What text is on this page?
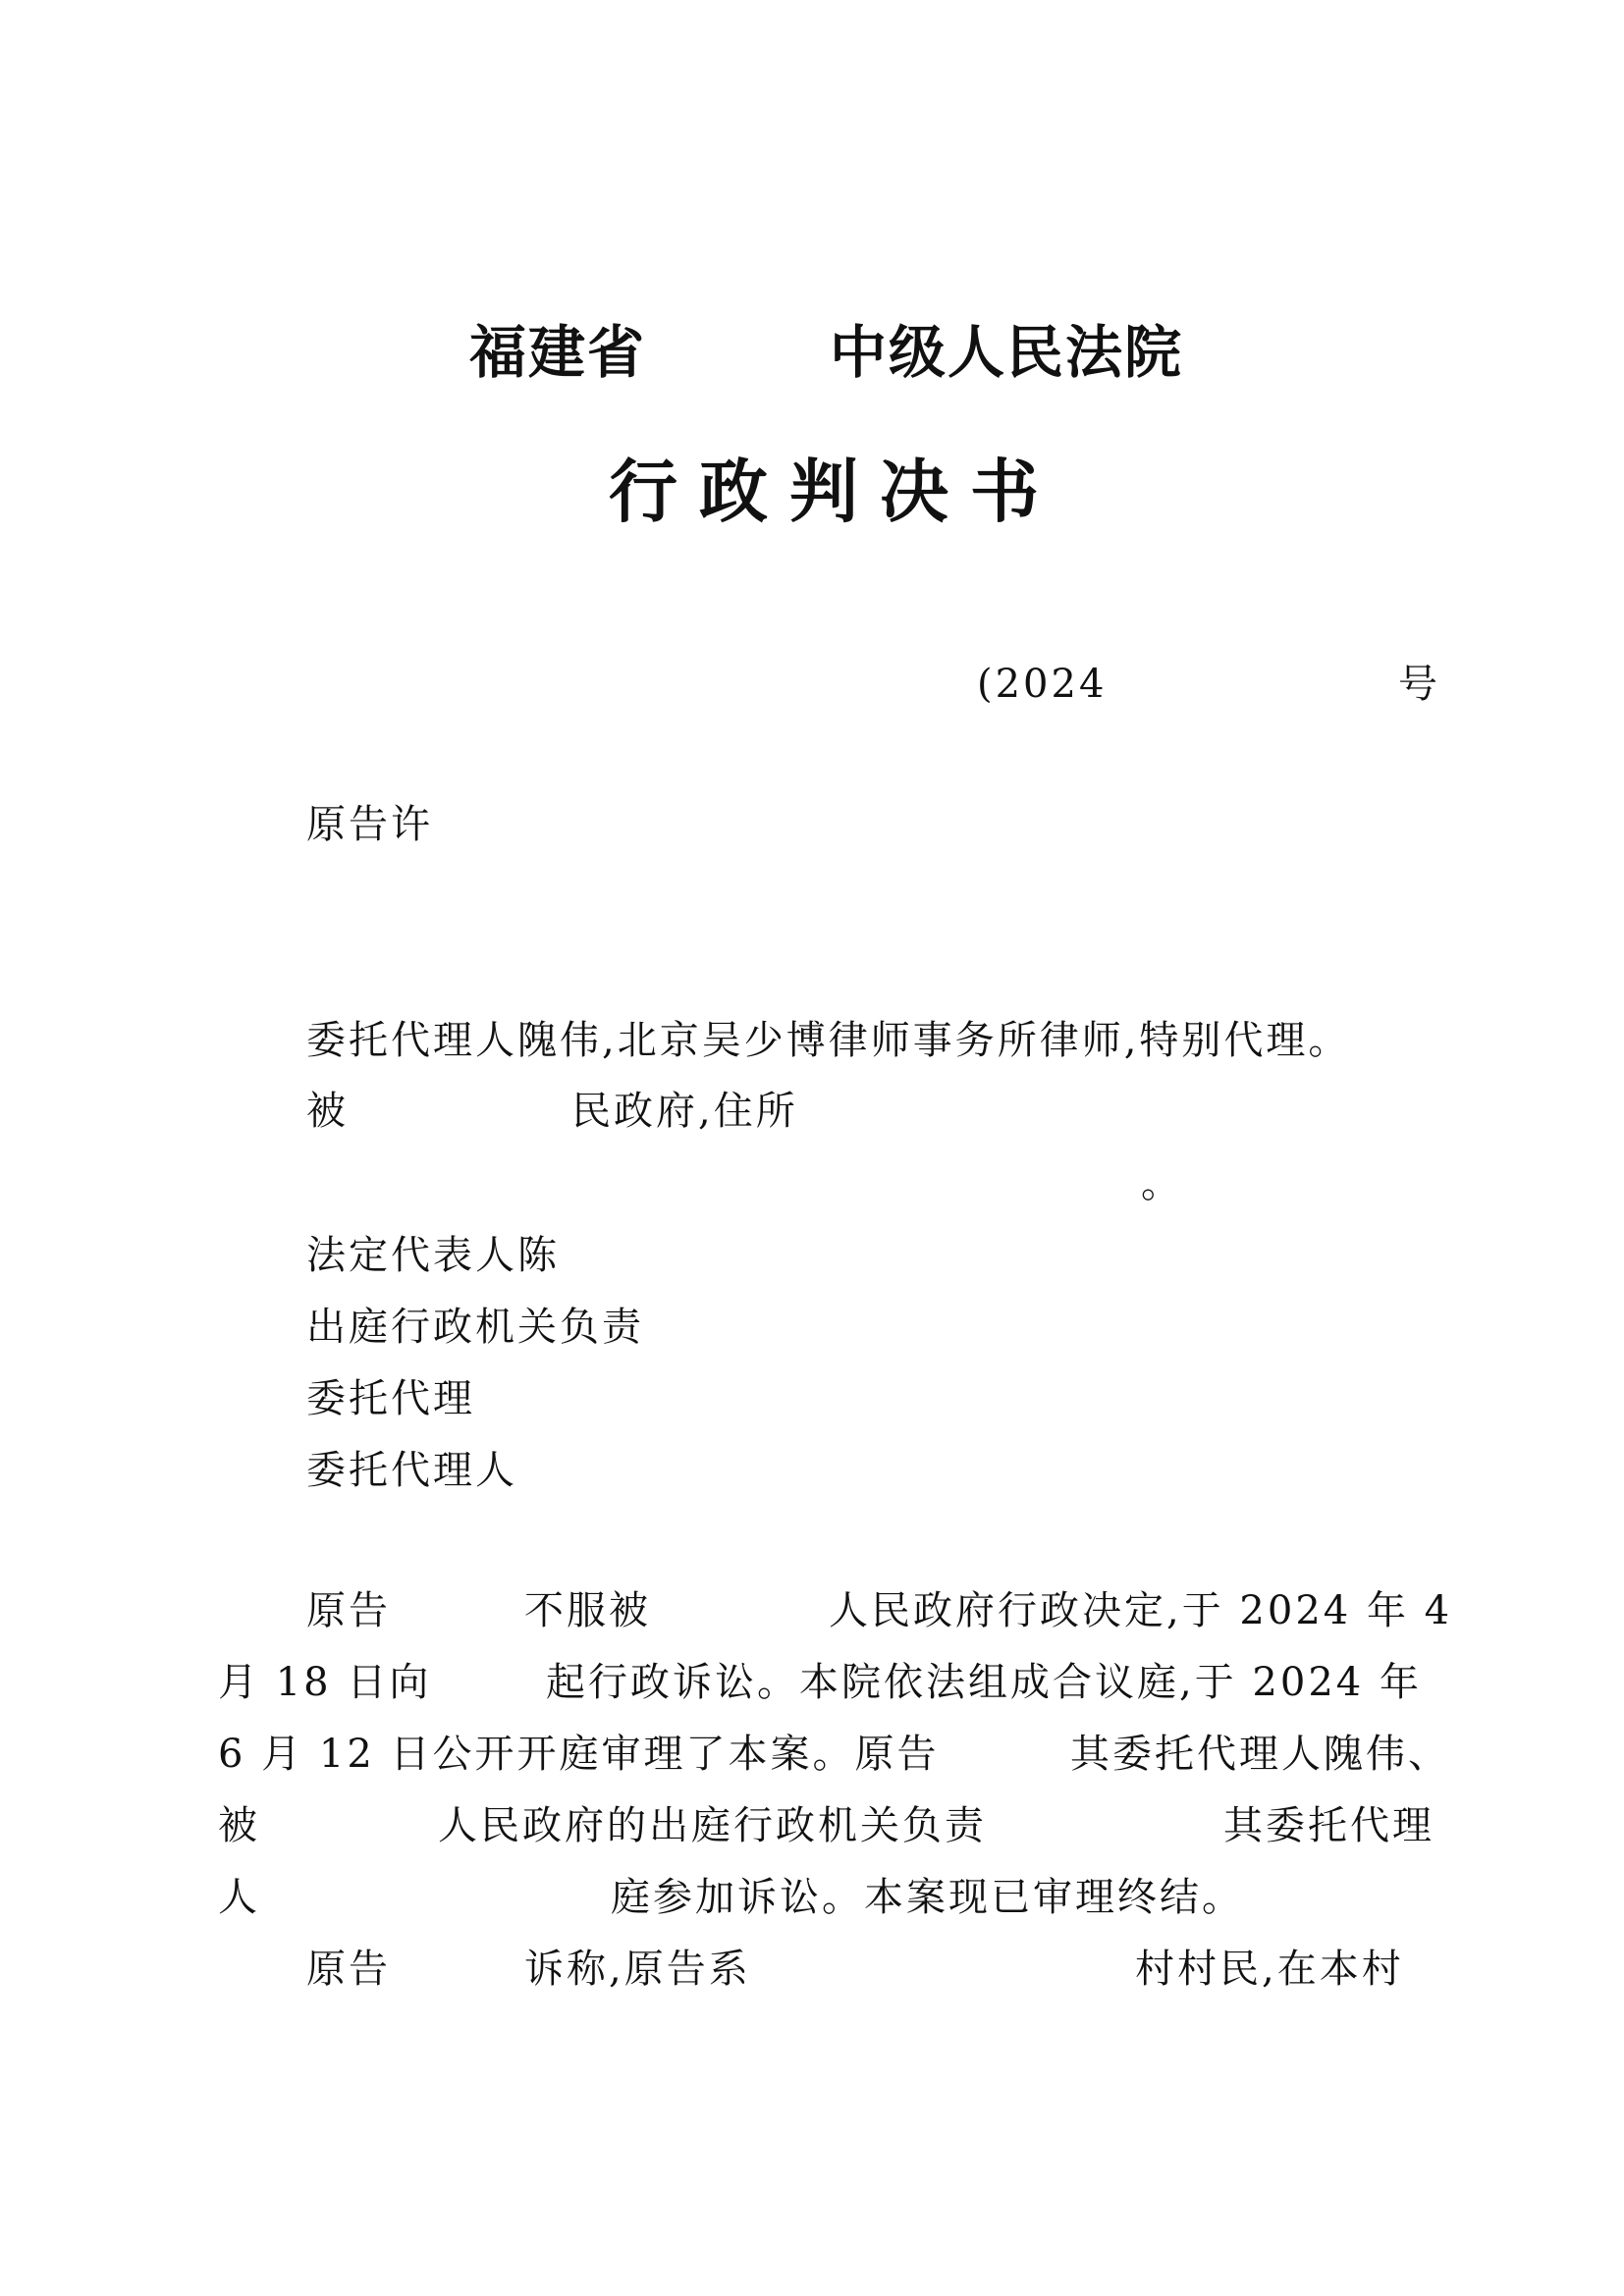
福建省	中级人民法院
行政判决书
(2024	号
原告许
委托代理人隗伟,北京吴少博律师事务所律师,特别代理。
被	民政府,住所
。
法定代表人陈
出庭行政机关负责
委托代理
委托代理人
原告	不服被	人民政府行政决定,于 2024 年 4
月 18 日向	起行政诉讼。本院依法组成合议庭,于 2024 年
6 月 12 日公开开庭审理了本案。原告	其委托代理人隗伟、
被	人民政府的出庭行政机关负责	其委托代理
人	庭参加诉讼。本案现已审理终结。
原告	诉称,原告系	村村民,在本村
